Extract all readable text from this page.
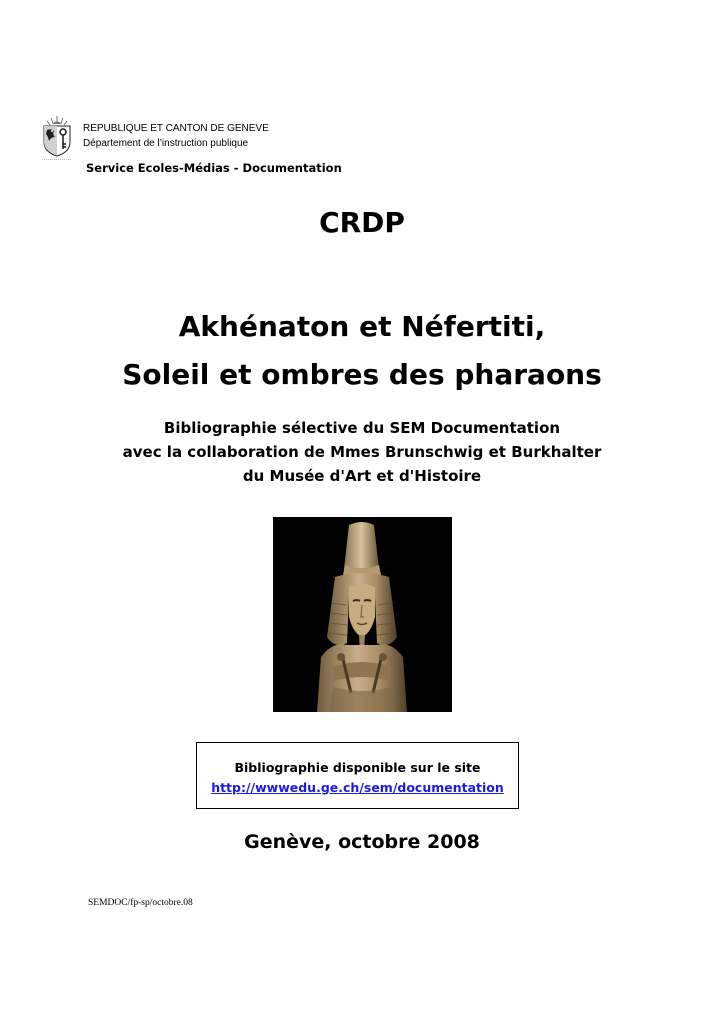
REPUBLIQUE ET CANTON DE GENEVE
Département de l’instruction publique
Service Ecoles-Médias - Documentation
CRDP
Akhénaton et Néfertiti,
Soleil et ombres des pharaons
Bibliographie sélective du SEM Documentation
avec la collaboration de Mmes Brunschwig et Burkhalter
du Musée d'Art et d'Histoire
Bibliographie disponible sur le site
http://wwwedu.ge.ch/sem/documentation
Genève, octobre 2008
SEMDOC/fp-sp/octobre.08
